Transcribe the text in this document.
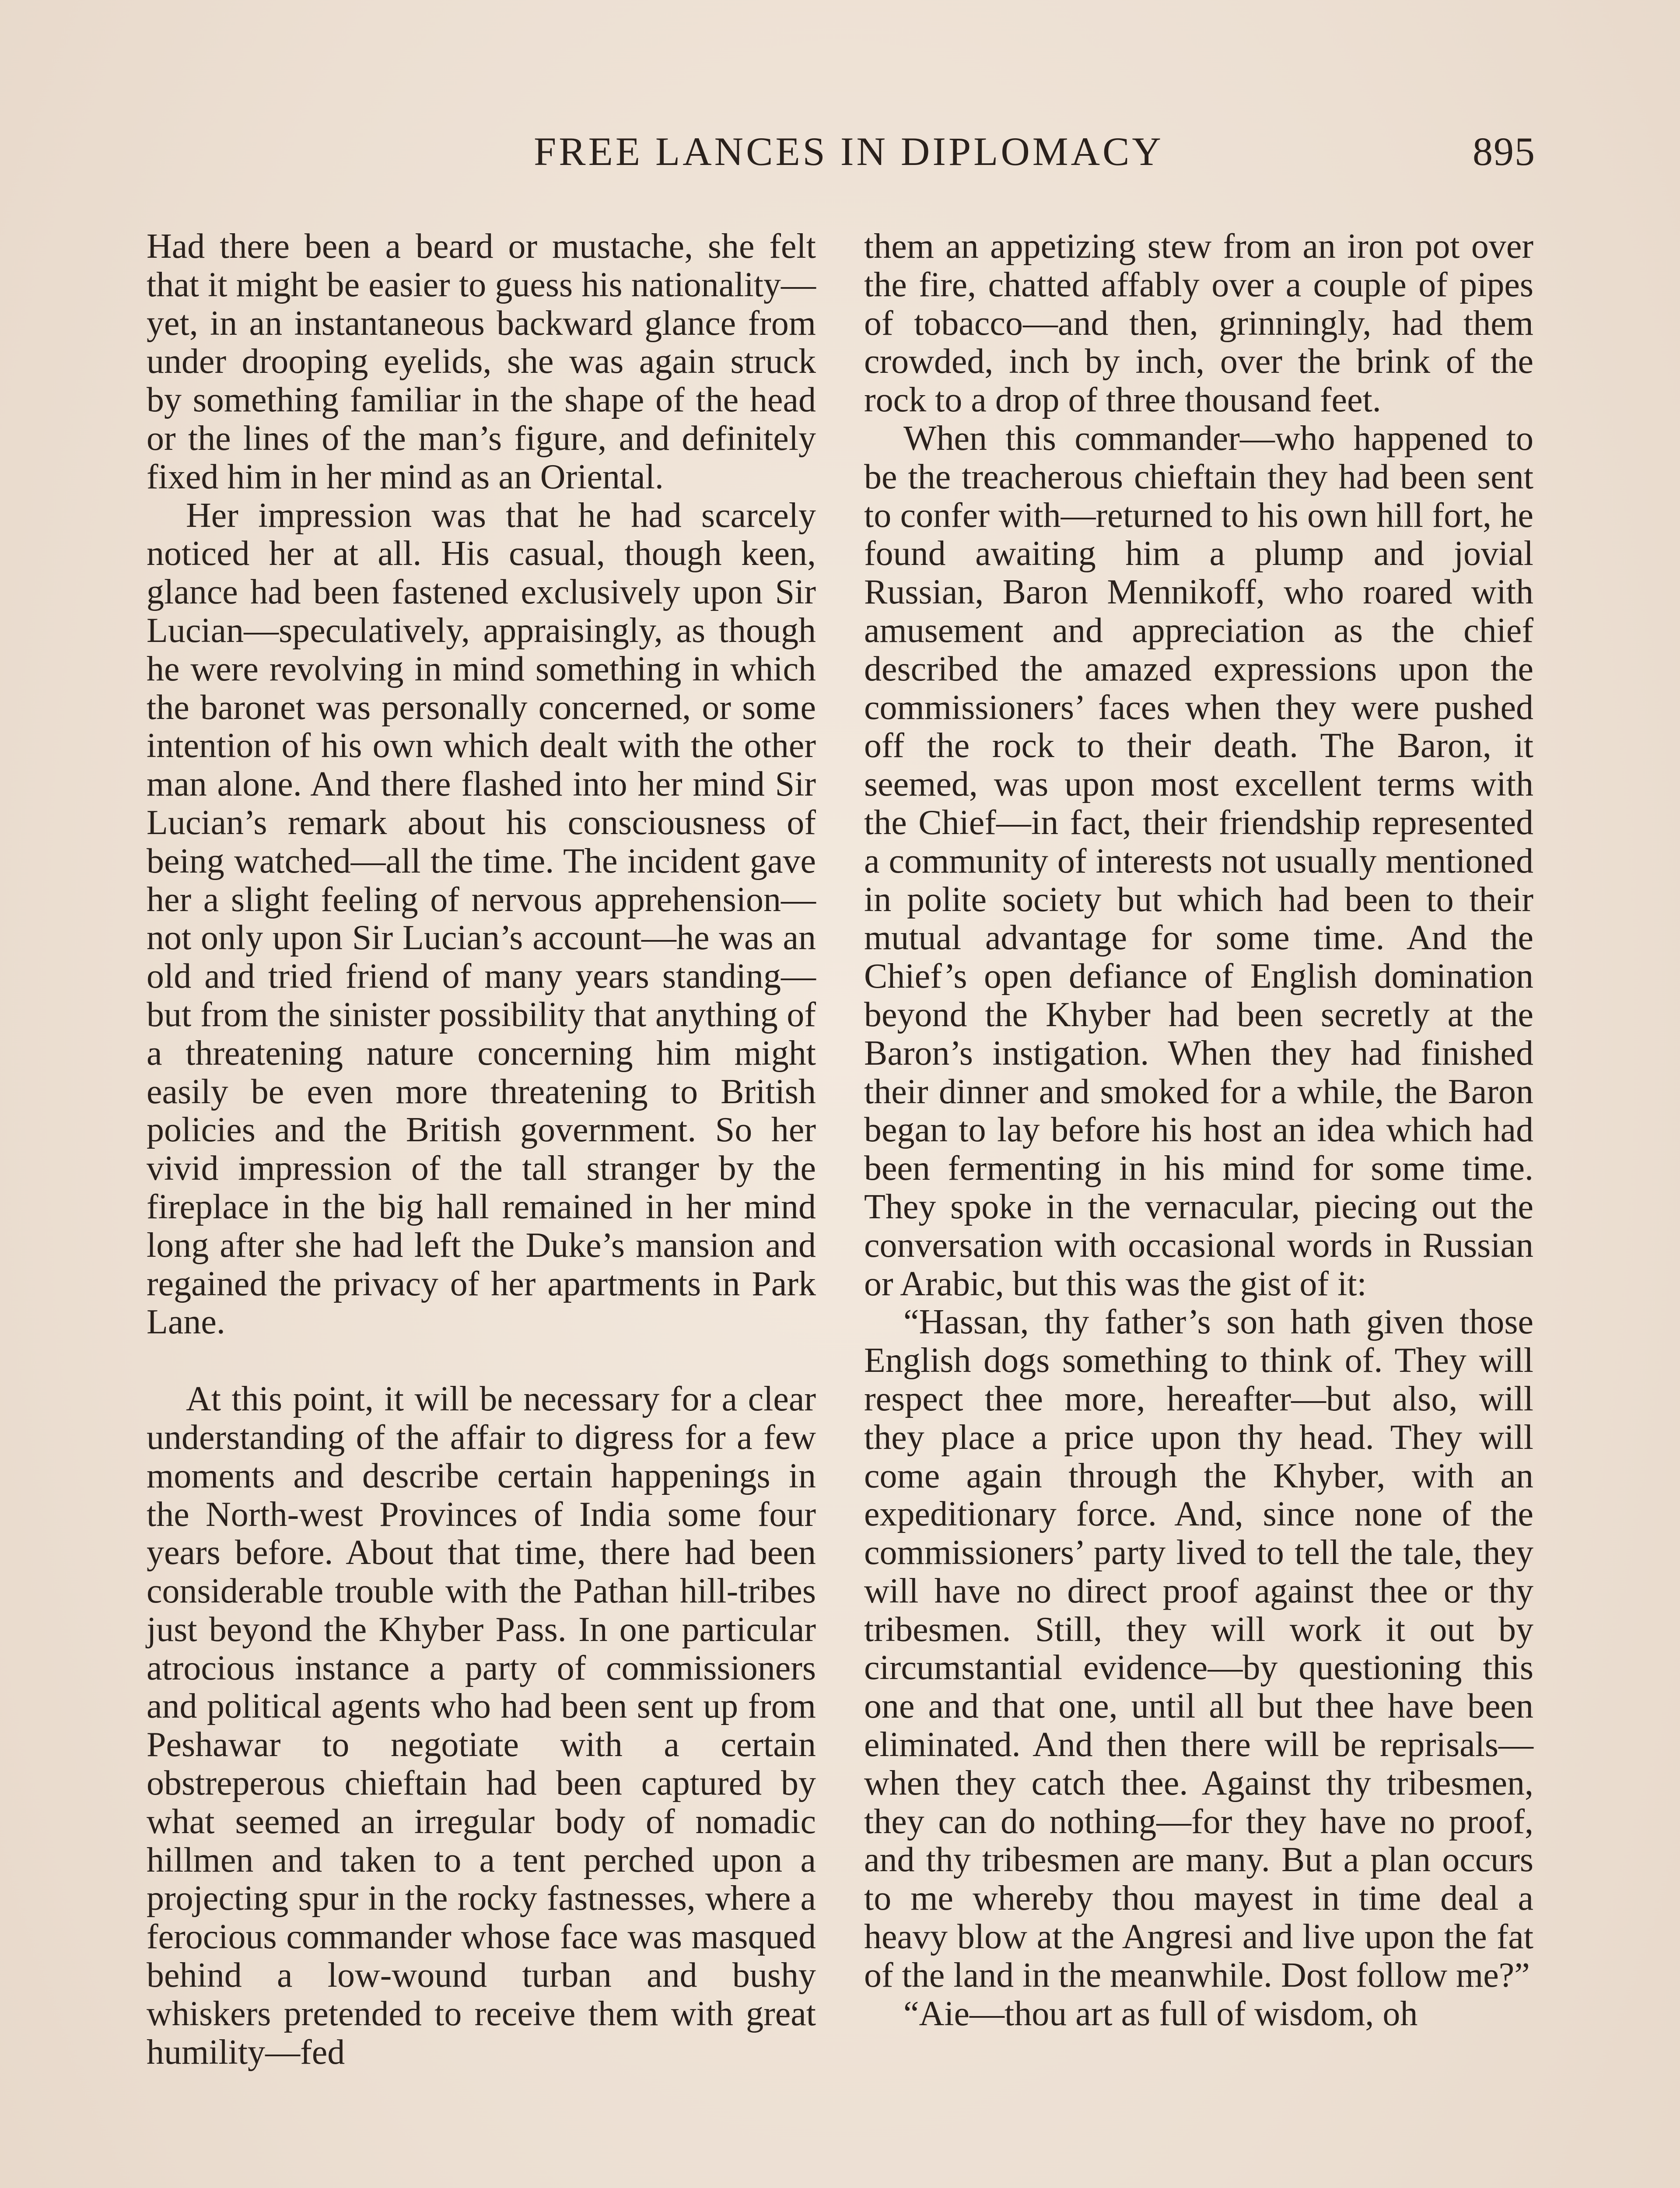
FREE LANCES IN DIPLOMACY	895

Had there been a beard or mustache, she felt that it might be easier to guess his nationality—yet, in an instantaneous backward glance from under drooping eyelids, she was again struck by something familiar in the shape of the head or the lines of the man’s figure, and definitely fixed him in her mind as an Oriental.

Her impression was that he had scarcely noticed her at all. His casual, though keen, glance had been fastened exclusively upon Sir Lucian—speculatively, appraisingly, as though he were revolving in mind something in which the baronet was personally concerned, or some intention of his own which dealt with the other man alone. And there flashed into her mind Sir Lucian’s remark about his consciousness of being watched—all the time. The incident gave her a slight feeling of nervous apprehension—not only upon Sir Lucian’s account—he was an old and tried friend of many years standing—but from the sinister possibility that anything of a threatening nature concerning him might easily be even more threatening to British policies and the British government. So her vivid impression of the tall stranger by the fireplace in the big hall remained in her mind long after she had left the Duke’s mansion and regained the privacy of her apartments in Park Lane.

At this point, it will be necessary for a clear understanding of the affair to digress for a few moments and describe certain happenings in the North-west Provinces of India some four years before. About that time, there had been considerable trouble with the Pathan hill-tribes just beyond the Khyber Pass. In one particular atrocious instance a party of commissioners and political agents who had been sent up from Peshawar to negotiate with a certain obstreperous chieftain had been captured by what seemed an irregular body of nomadic hillmen and taken to a tent perched upon a projecting spur in the rocky fastnesses, where a ferocious commander whose face was masqued behind a low-wound turban and bushy whiskers pretended to receive them with great humility—fed

them an appetizing stew from an iron pot over the fire, chatted affably over a couple of pipes of tobacco—and then, grinningly, had them crowded, inch by inch, over the brink of the rock to a drop of three thousand feet.

When this commander—who happened to be the treacherous chieftain they had been sent to confer with—returned to his own hill fort, he found awaiting him a plump and jovial Russian, Baron Mennikoff, who roared with amusement and appreciation as the chief described the amazed expressions upon the commissioners’ faces when they were pushed off the rock to their death. The Baron, it seemed, was upon most excellent terms with the Chief—in fact, their friendship represented a community of interests not usually mentioned in polite society but which had been to their mutual advantage for some time. And the Chief’s open defiance of English domination beyond the Khyber had been secretly at the Baron’s instigation. When they had finished their dinner and smoked for a while, the Baron began to lay before his host an idea which had been fermenting in his mind for some time. They spoke in the vernacular, piecing out the conversation with occasional words in Russian or Arabic, but this was the gist of it:

“Hassan, thy father’s son hath given those English dogs something to think of. They will respect thee more, hereafter—but also, will they place a price upon thy head. They will come again through the Khyber, with an expeditionary force. And, since none of the commissioners’ party lived to tell the tale, they will have no direct proof against thee or thy tribesmen. Still, they will work it out by circumstantial evidence—by questioning this one and that one, until all but thee have been eliminated. And then there will be reprisals—when they catch thee. Against thy tribesmen, they can do nothing—for they have no proof, and thy tribesmen are many. But a plan occurs to me whereby thou mayest in time deal a heavy blow at the Angresi and live upon the fat of the land in the meanwhile. Dost follow me?”

“Aie—thou art as full of wisdom, oh
